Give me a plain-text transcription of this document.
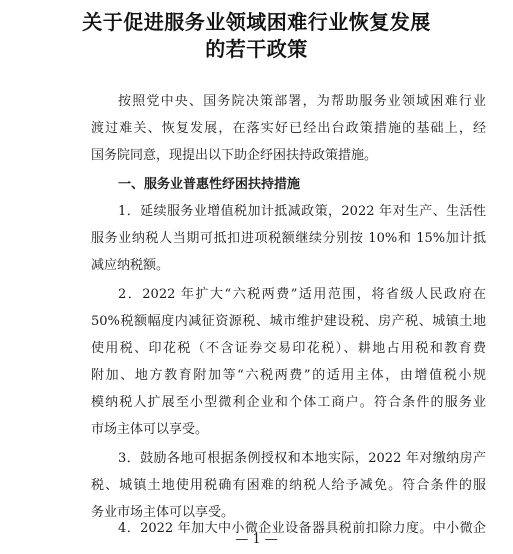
关于促进服务业领域困难行业恢复发展
的若干政策

按照党中央、国务院决策部署，为帮助服务业领域困难行业

渡过难关、恢复发展，在落实好已经出台政策措施的基础上，经

国务院同意，现提出以下助企纾困扶持政策措施。

一、服务业普惠性纾困扶持措施

1．延续服务业增值税加计抵减政策，2022 年对生产、生活性

服务业纳税人当期可抵扣进项税额继续分别按 10%和 15%加计抵

减应纳税额。

2．2022 年扩大“六税两费”适用范围，将省级人民政府在

50%税额幅度内减征资源税、城市维护建设税、房产税、城镇土地

使用税、印花税（不含证券交易印花税）、耕地占用税和教育费

附加、地方教育附加等“六税两费”的适用主体，由增值税小规

模纳税人扩展至小型微利企业和个体工商户。符合条件的服务业

市场主体可以享受。

3．鼓励各地可根据条例授权和本地实际，2022 年对缴纳房产

税、城镇土地使用税确有困难的纳税人给予减免。符合条件的服

务业市场主体可以享受。

4．2022 年加大中小微企业设备器具税前扣除力度。中小微企

— 1 —
